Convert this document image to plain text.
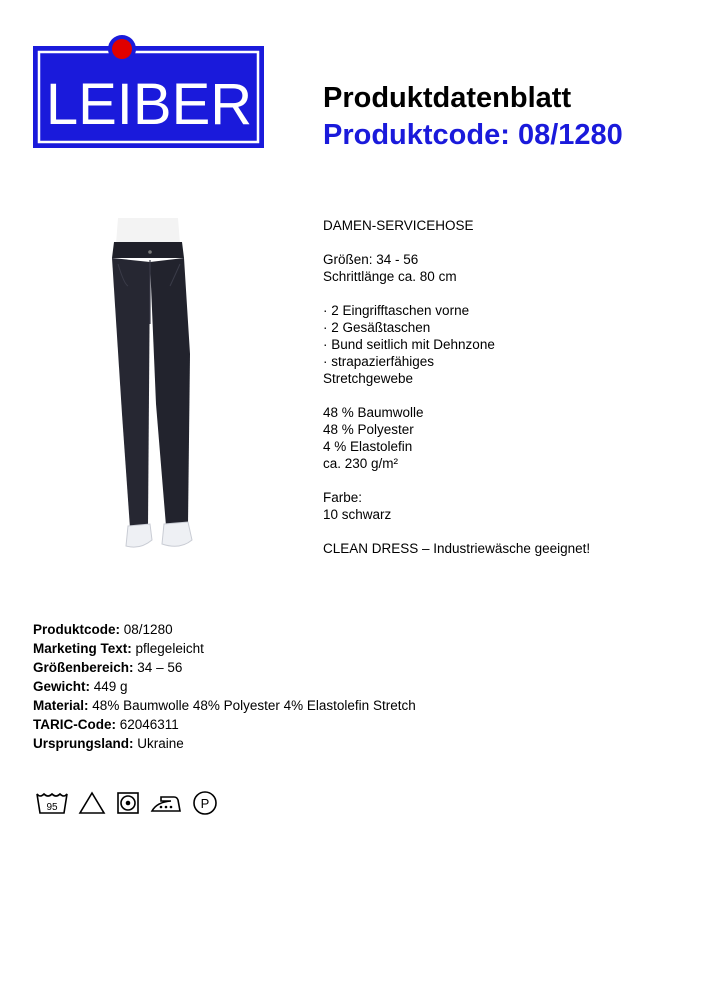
LEIBER Produktdatenblatt
Produktcode: 08/1280

DAMEN-SERVICEHOSE

Größen: 34 - 56

Schrittlänge ca. 80 cm

· 2 Eingrifftaschen vorne

· 2 Gesäßtaschen

· Bund seitlich mit Dehnzone

· strapazierfähiges

Stretchgewebe

48 % Baumwolle

48 % Polyester

4 % Elastolefin

ca. 230 g/m²

Farbe:

10 schwarz

CLEAN DRESS – Industriewäsche geeignet!

Produktcode: 08/1280
Marketing Text: pflegeleicht
Größenbereich: 34 – 56
Gewicht: 449 g
Material: 48% Baumwolle 48% Polyester 4% Elastolefin Stretch
TARIC-Code: 62046311
Ursprungsland: Ukraine
95	P
